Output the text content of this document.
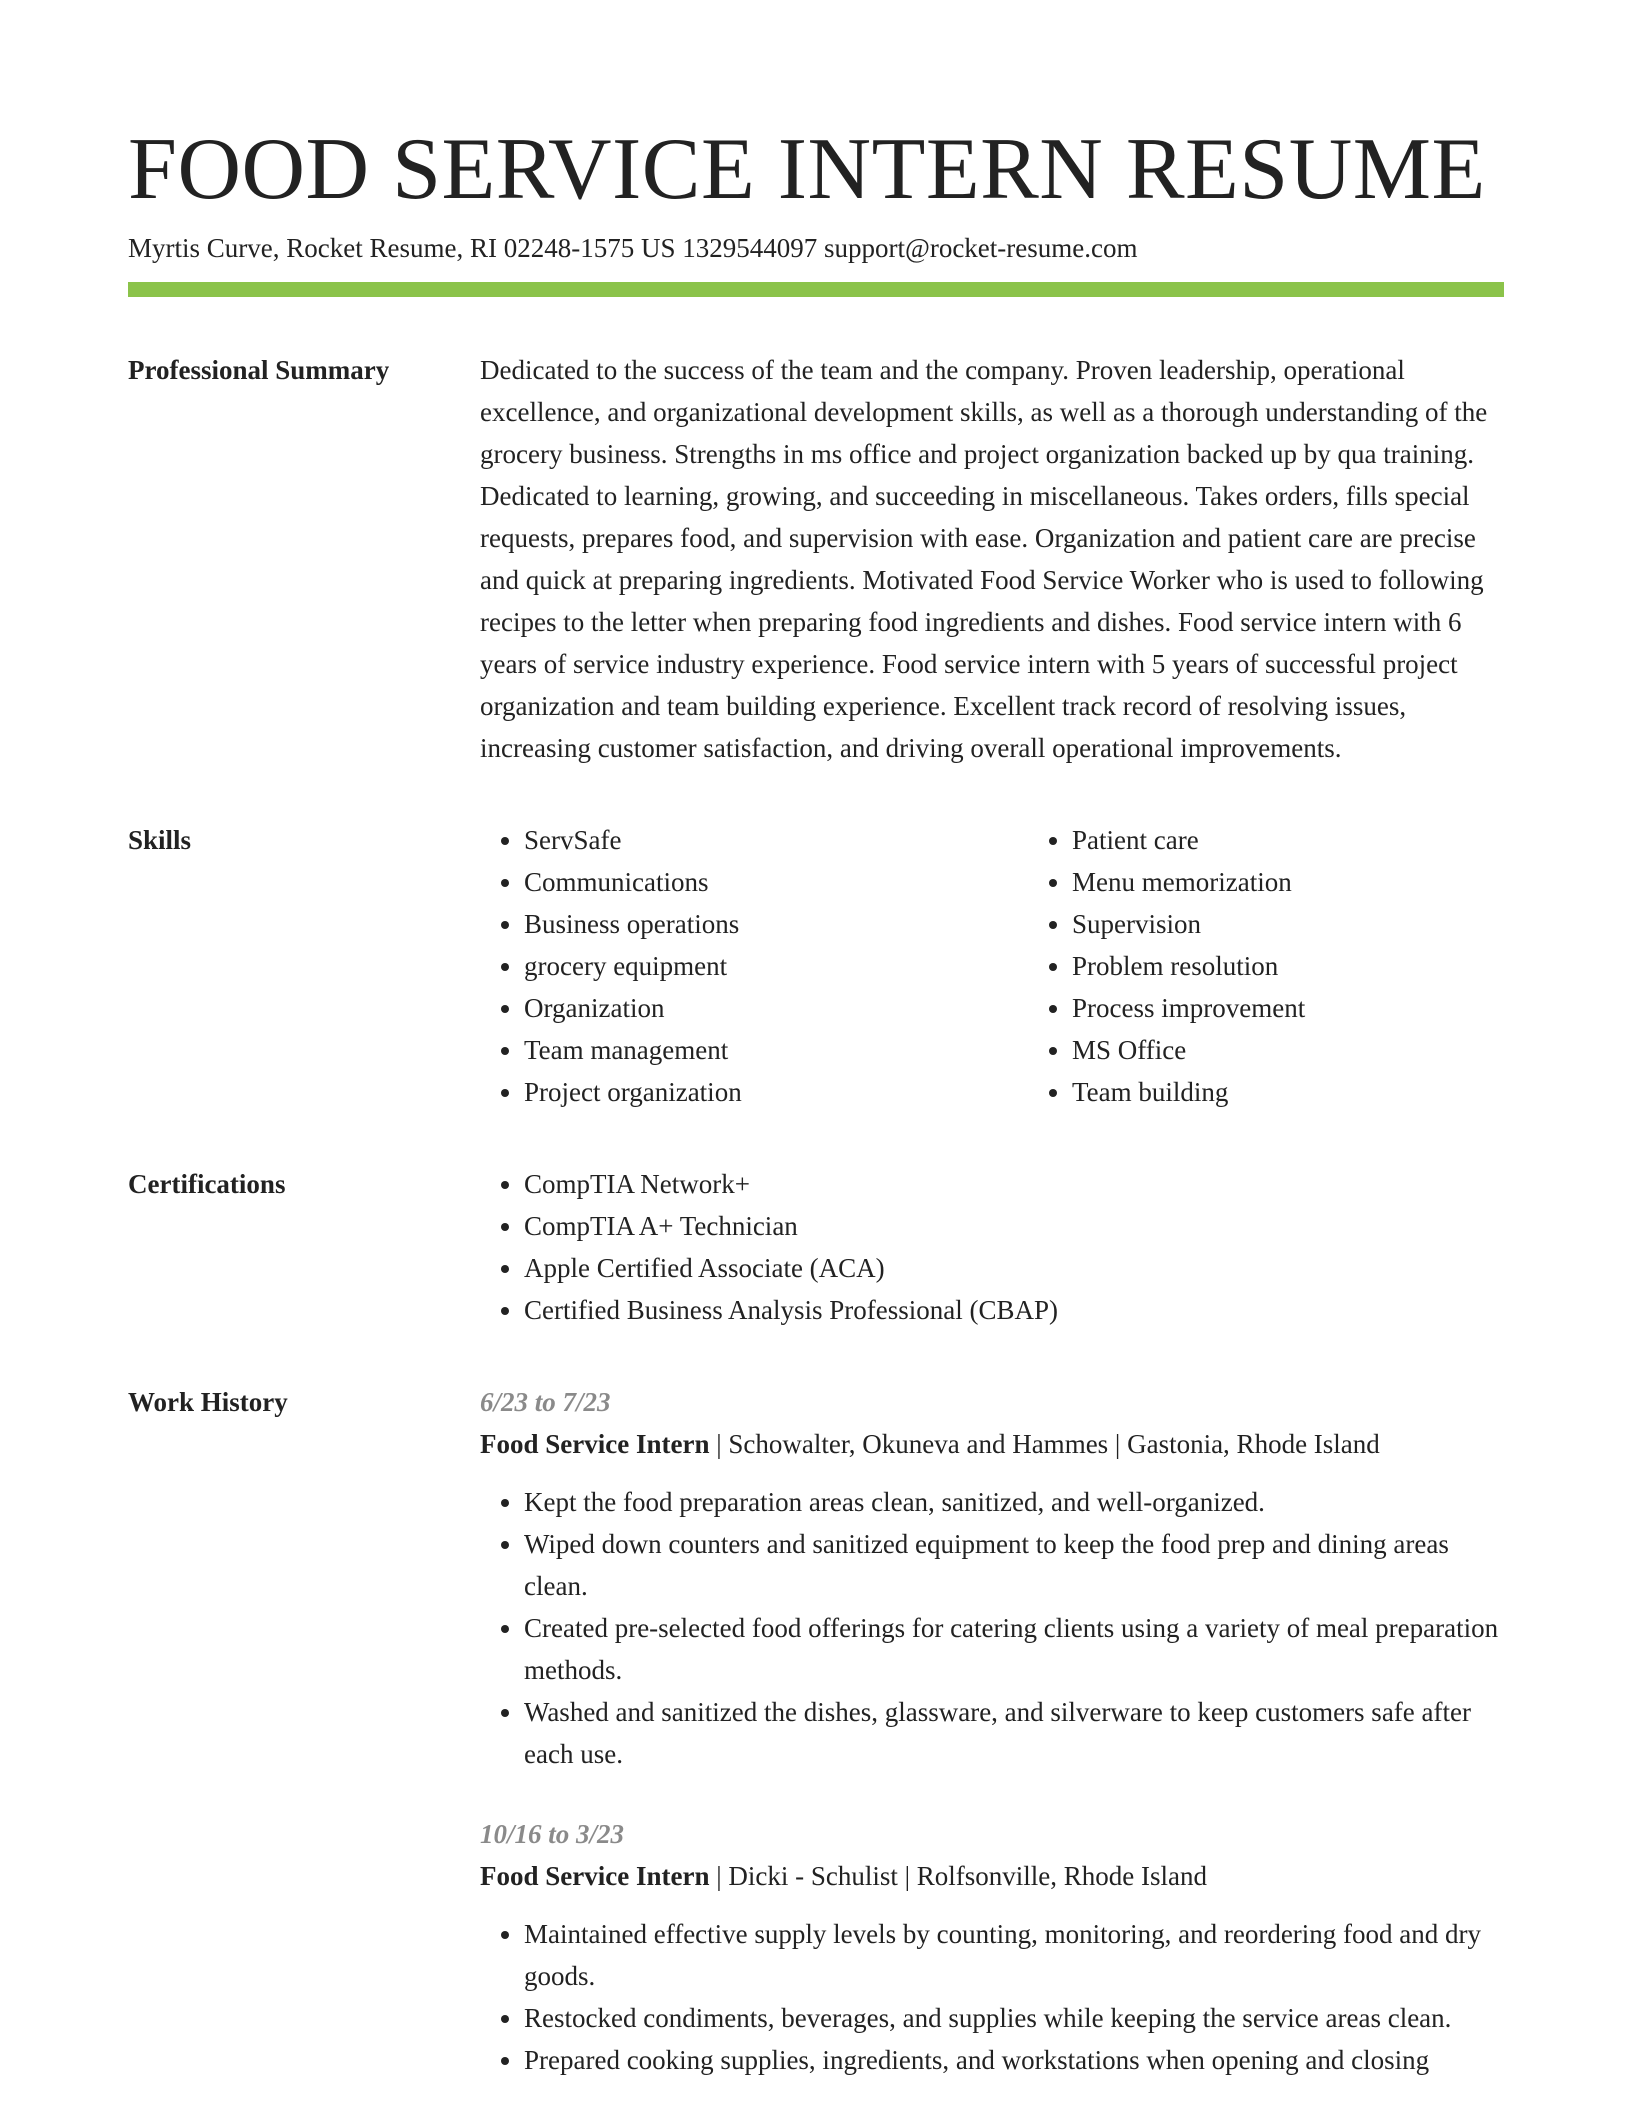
FOOD SERVICE INTERN RESUME
Myrtis Curve, Rocket Resume, RI 02248-1575 US 1329544097 support@rocket-resume.com
Professional Summary	Dedicated to the success of the team and the company. Proven leadership, operational excellence, and organizational development skills, as well as a thorough understanding of the grocery business. Strengths in ms office and project organization backed up by qua training. Dedicated to learning, growing, and succeeding in miscellaneous. Takes orders, fills special requests, prepares food, and supervision with ease. Organization and patient care are precise and quick at preparing ingredients. Motivated Food Service Worker who is used to following recipes to the letter when preparing food ingredients and dishes. Food service intern with 6 years of service industry experience. Food service intern with 5 years of successful project organization and team building experience. Excellent track record of resolving issues, increasing customer satisfaction, and driving overall operational improvements.

Skills	• ServSafe
• Communications
• Business operations
• grocery equipment
• Organization
• Team management
• Project organization
• Patient care
• Menu memorization
• Supervision
• Problem resolution
• Process improvement
• MS Office
• Team building
Certifications	• CompTIA Network+
• CompTIA A+ Technician
• Apple Certified Associate (ACA)
• Certified Business Analysis Professional (CBAP)
Work History	6/23 to 7/23
Food Service Intern | Schowalter, Okuneva and Hammes | Gastonia, Rhode Island
• Kept the food preparation areas clean, sanitized, and well-organized.
• Wiped down counters and sanitized equipment to keep the food prep and dining areas clean.
• Created pre-selected food offerings for catering clients using a variety of meal preparation methods.
• Washed and sanitized the dishes, glassware, and silverware to keep customers safe after each use.
10/16 to 3/23
Food Service Intern | Dicki - Schulist | Rolfsonville, Rhode Island
• Maintained effective supply levels by counting, monitoring, and reordering food and dry goods.
• Restocked condiments, beverages, and supplies while keeping the service areas clean.
• Prepared cooking supplies, ingredients, and workstations when opening and closing
